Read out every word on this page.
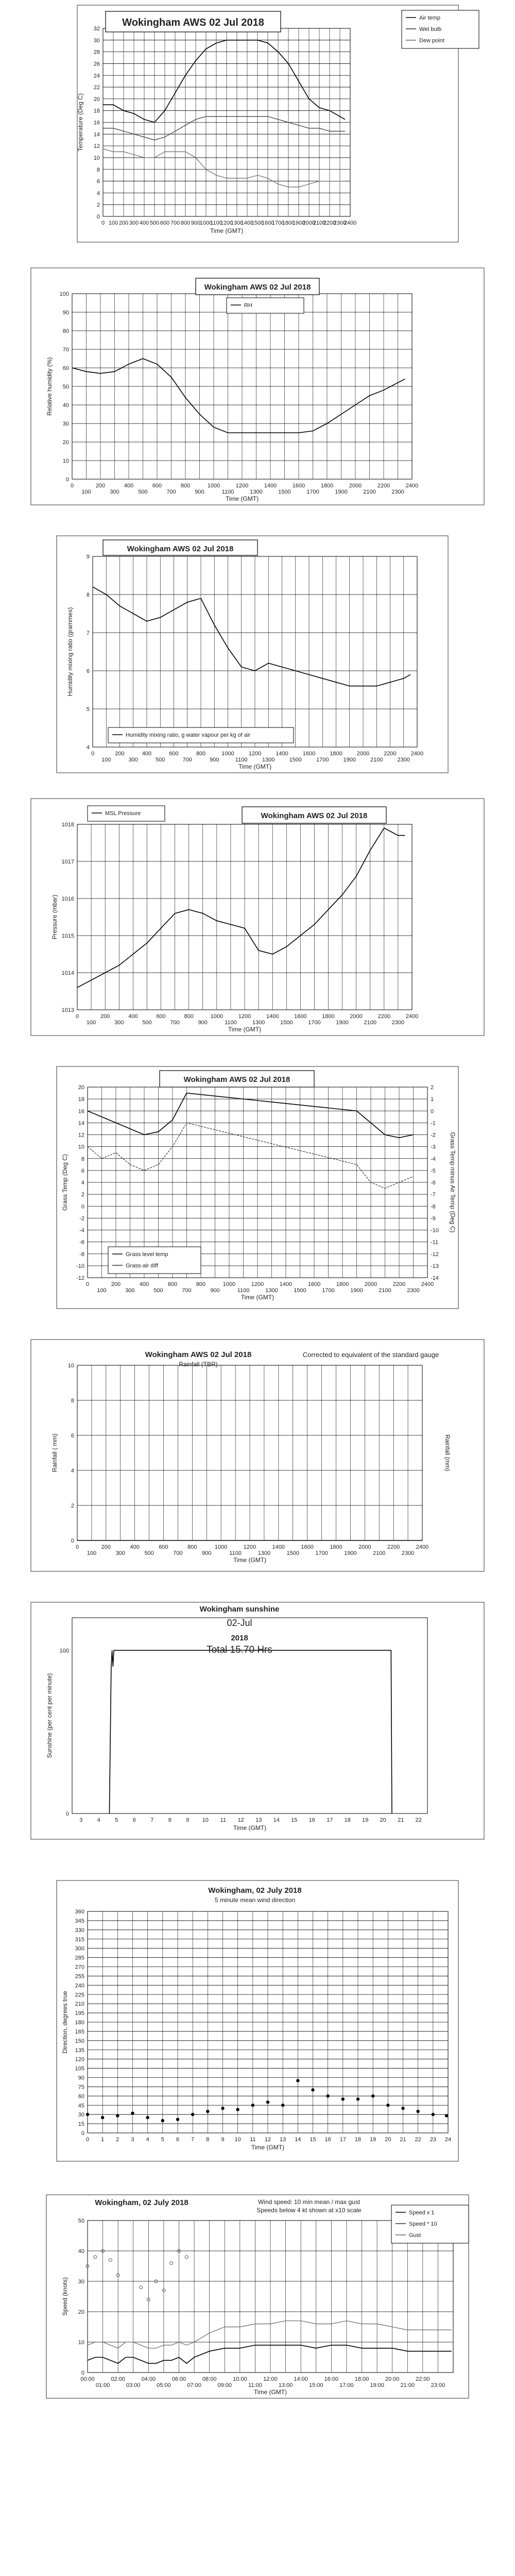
0
2
4
6
8
10
12
14
16
18
20
22
24
26
28
30
32
0 100 200 300 400 500 600 700 800 900
1000
1100
1200
1300
1400
1500
1600
1700
1800
1900
2000
2100
2200
2300
2400
Time (GMT)
Temperature (Deg C)
Wokingham AWS 02 Jul 2018	Air temp
Wet bulb
Dew point
0
10
20
30
40
50
60
70
80
90
100
0
100
200
300
400
500
600
700
800
900
1000
1100
1200
1300
1400
1500
1600
1700
1800
1900
2000
2100
2200
2300
2400
Time (GMT)
Relative humidity (%)
Wokingham AWS 02 Jul 2018
RH
4
5
6
7
8
9
0
100
200
300
400
500
600
700
800
900
1000
1100
1200
1300
1400
1500
1600
1700
1800
1900
2000
2100
2200
2300
2400
Time (GMT)
Humidity mixing ratio (grammes)
Wokingham AWS 02 Jul 2018
Humidity mixing ratio, g water vapour per kg of air
1013
1014
1015
1016
1017
1018
0
100
200
300
400
500
600
700
800
900
1000
1100
1200
1300
1400
1500
1600
1700
1800
1900
2000
2100
2200
2300
2400
Time (GMT)
Pressure (mbar)
Wokingham AWS 02 Jul 2018
MSL Pressure
-12
-10
-8
-6
-4
-2
0
2
4
6
8
10
12
14
16
18
20
-14
-13
-12
-11
-10
-9
-8
-7
-6
-5
-4
-3
-2
-1
0
1
2
0
100
200
300
400
500
600
700
800
900
1000
1100
1200
1300
1400
1500
1600
1700
1800
1900
2000
2100
2200
2300
2400
Time (GMT)
Grass Temp (Deg C)	Grass Temp minus Air Temp (Deg C)
Wokingham AWS 02 Jul 2018
Grass level temp
Grass-air diff
0
2
4
6
8
10
0
100
200
300
400
500
600
700
800
900
1000
1100
1200
1300
1400
1500
1600
1700
1800
1900
2000
2100
2200
2300
2400
Time (GMT)
Rainfall ( mm)	Rainfall (mm)
Wokingham AWS 02 Jul 2018
Rainfall (TBR)
Corrected to equivalent of the standard gauge
0
100
3	4	5	6	7	8	9 10 11 12 13 14 15 16 17 18 19 20 21 22
Time (GMT)
Sunshine (per cent per minute)
Wokingham sunshine
02-Jul
2018
Total 15.70 Hrs
0
15
30
45
60
75
90
105
120
135
150
165
180
195
210
225
240
255
270
285
300
315
330
345
360
0 1 2 3 4 5 6 7 8 9 10 11 12 13 14 15 16 17 18 19 20 21 22 23 24
Time (GMT)
Direction, degrees true
Wokingham, 02 July 2018
5 minute mean wind direction
0
10
20
30
40
50
00:00
01:00
02:00
03:00
04:00
05:00
06:00
07:00
08:00
09:00
10:00
11:00
12:00
13:00
14:00
15:00
16:00
17:00
18:00
19:00
20:00
21:00
22:00
23:00
Time (GMT)
Speed (knots)
Wokingham, 02 July 2018
Speed x 1
Speed * 10
Gust
Wind speed: 10 min mean / max gust
Speeds below 4 kt shown at x10 scale
